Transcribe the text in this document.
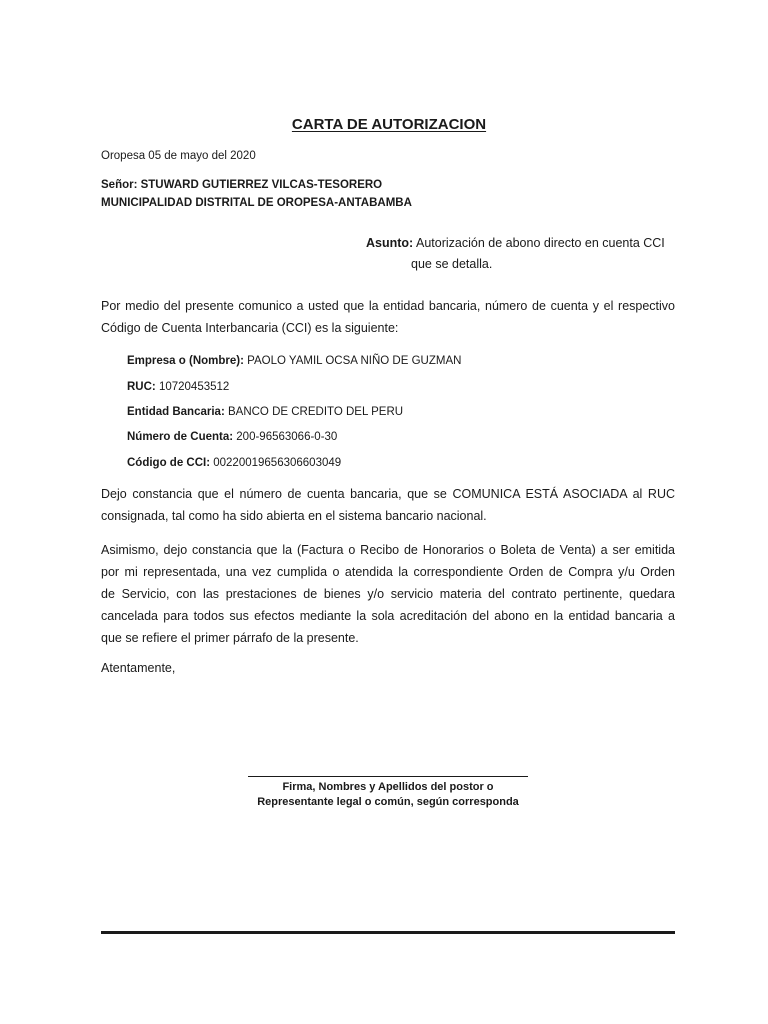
CARTA DE AUTORIZACION
Oropesa 05 de mayo del 2020
Señor: STUWARD GUTIERREZ VILCAS-TESORERO
MUNICIPALIDAD DISTRITAL DE OROPESA-ANTABAMBA
Asunto: Autorización de abono directo en cuenta CCI
que se detalla.
Por medio del presente comunico a usted que la entidad bancaria, número de cuenta y el respectivo
Código de Cuenta Interbancaria (CCI) es la siguiente:
Empresa o (Nombre): PAOLO YAMIL OCSA NIÑO DE GUZMAN
RUC: 10720453512
Entidad Bancaria: BANCO DE CREDITO DEL PERU
Número de Cuenta: 200-96563066-0-30
Código de CCI: 00220019656306603049
Dejo constancia que el número de cuenta bancaria, que se COMUNICA ESTÁ ASOCIADA al RUC
consignada, tal como ha sido abierta en el sistema bancario nacional.
Asimismo, dejo constancia que la (Factura o Recibo de Honorarios o Boleta de Venta) a ser emitida
por mi representada, una vez cumplida o atendida la correspondiente Orden de Compra y/u Orden
de Servicio, con las prestaciones de bienes y/o servicio materia del contrato pertinente, quedara
cancelada para todos sus efectos mediante la sola acreditación del abono en la entidad bancaria a
que se refiere el primer párrafo de la presente.
Atentamente,
Firma, Nombres y Apellidos del postor o
Representante legal o común, según corresponda
